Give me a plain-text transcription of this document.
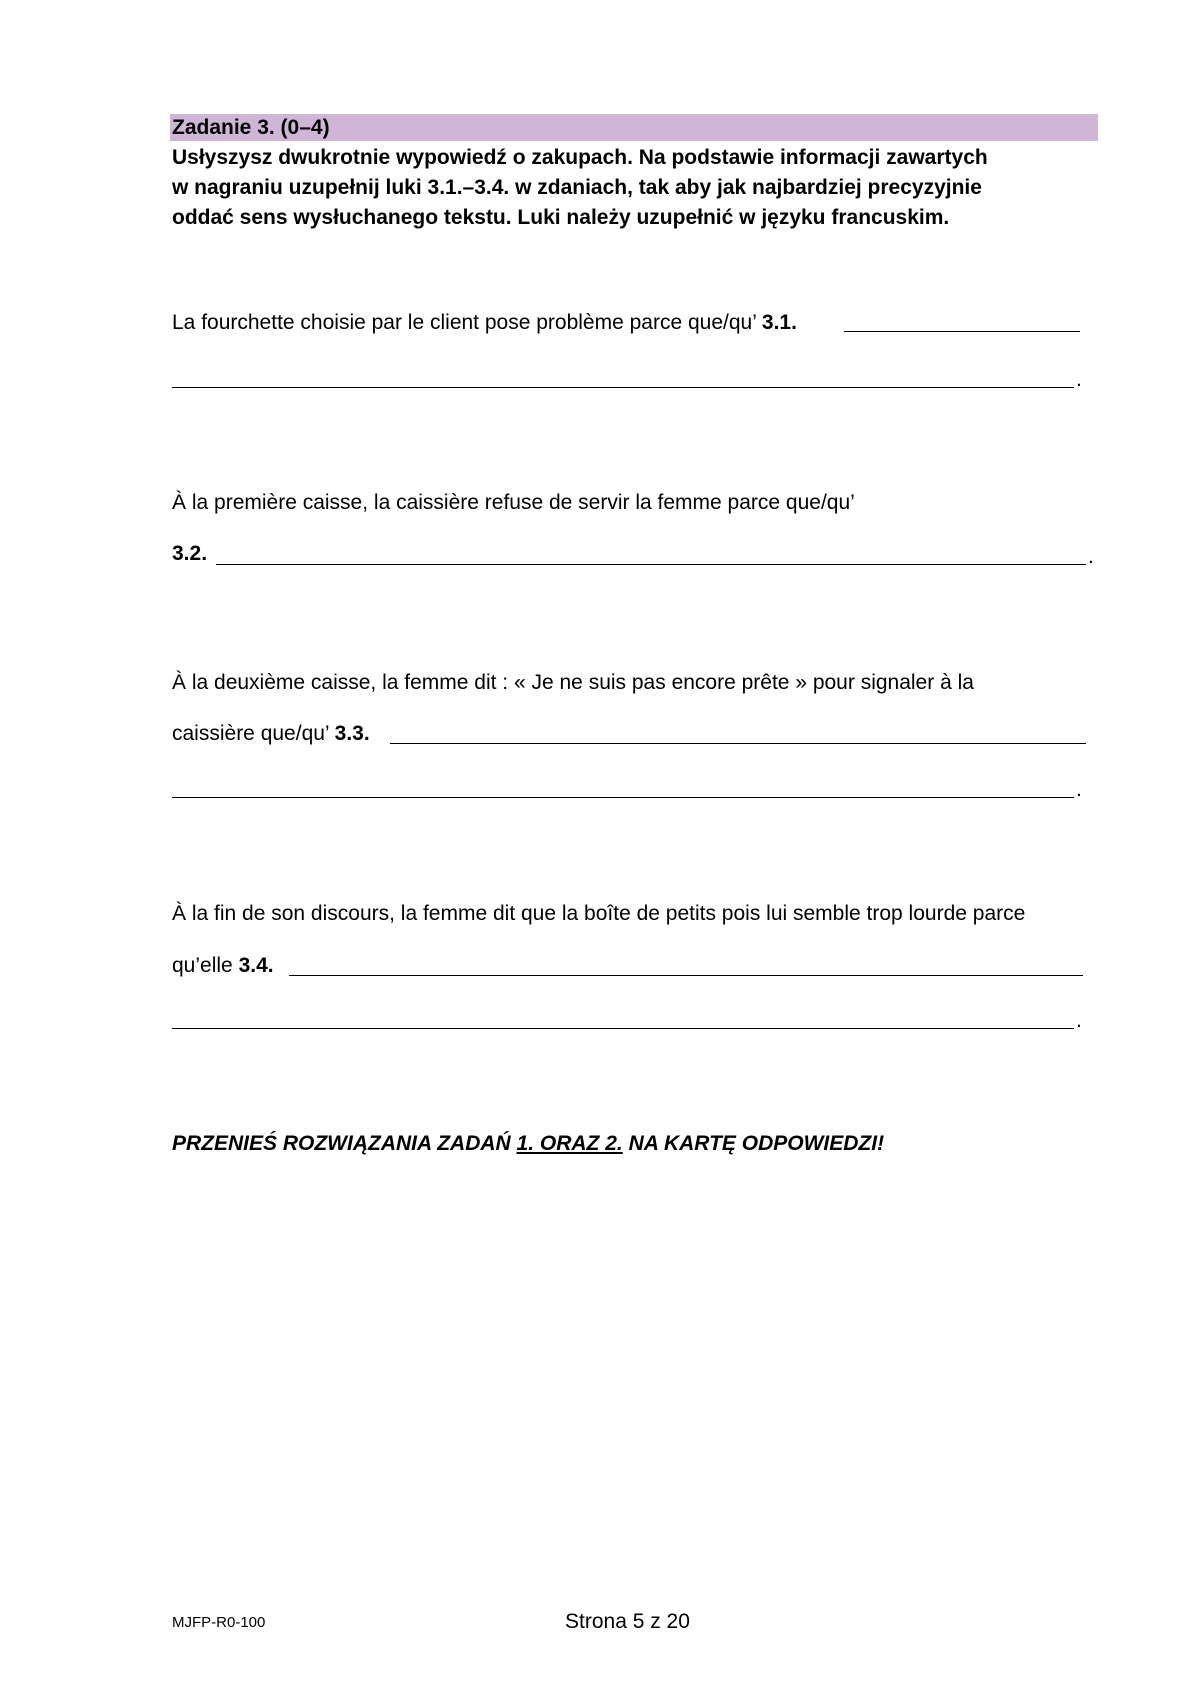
Zadanie 3. (0–4)
Usłyszysz dwukrotnie wypowiedź o zakupach. Na podstawie informacji zawartych
w nagraniu uzupełnij luki 3.1.–3.4. w zdaniach, tak aby jak najbardziej precyzyjnie
oddać sens wysłuchanego tekstu. Luki należy uzupełnić w języku francuskim.
La fourchette choisie par le client pose problème parce que/qu’ 3.1.
.
À la première caisse, la caissière refuse de servir la femme parce que/qu’
3.2.	.
À la deuxième caisse, la femme dit : « Je ne suis pas encore prête » pour signaler à la
caissière que/qu’ 3.3.
.
À la fin de son discours, la femme dit que la boîte de petits pois lui semble trop lourde parce
qu’elle 3.4.
.
PRZENIEŚ ROZWIĄZANIA ZADAŃ 1. ORAZ 2. NA KARTĘ ODPOWIEDZI!
MJFP-R0-100	Strona 5 z 20
